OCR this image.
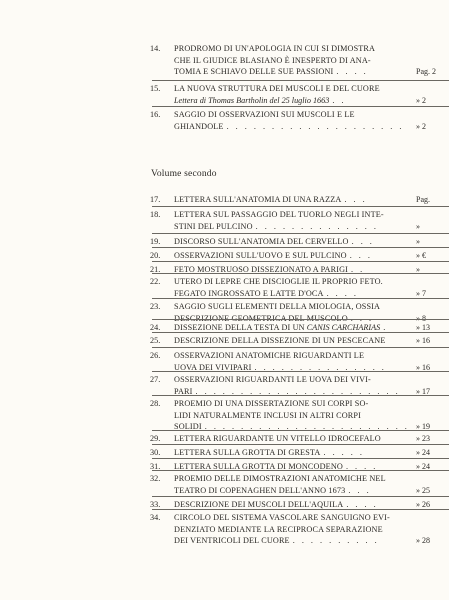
Volume secondo
14.	PRODROMO DI UN'APOLOGIA IN CUI SI DIMOSTRA
CHE IL GIUDICE BLASIANO È INESPERTO DI ANA-
TOMIA E SCHIAVO DELLE SUE PASSIONI . . . .	Pag. 2
15.	LA NUOVA STRUTTURA DEI MUSCOLI E DEL CUORE
Lettera di Thomas Bartholin del 25 luglio 1663 . .	» 2
16.	SAGGIO DI OSSERVAZIONI SUI MUSCOLI E LE
GHIANDOLE . . . . . . . . . . . . . . . . . . . .	» 2
17.	LETTERA SULL'ANATOMIA DI UNA RAZZA . . .	Pag.
18.	LETTERA SUL PASSAGGIO DEL TUORLO NEGLI INTE-
STINI DEL PULCINO . . . . . . . . . . . . . .	»
19.	DISCORSO SULL'ANATOMIA DEL CERVELLO . . .	»
20.	OSSERVAZIONI SULL'UOVO E SUL PULCINO . . .	» €
21.	FETO MOSTRUOSO DISSEZIONATO A PARIGI . .	»
22.	UTERO DI LEPRE CHE DISCIOGLIE IL PROPRIO FETO.
FEGATO INGROSSATO E LATTE D'OCA . . . .	» 7
23.	SAGGIO SUGLI ELEMENTI DELLA MIOLOGIA, OSSIA
DESCRIZIONE GEOMETRICA DEL MUSCOLO . . .	» 8
24.	DISSEZIONE DELLA TESTA DI UN CANIS CARCHARIAS .	» 13
25.	DESCRIZIONE DELLA DISSEZIONE DI UN PESCECANE	» 16
26.	OSSERVAZIONI ANATOMICHE RIGUARDANTI LE
UOVA DEI VIVIPARI . . . . . . . . . . . . . . .	» 16
27.	OSSERVAZIONI RIGUARDANTI LE UOVA DEI VIVI-
PARI . . . . . . . . . . . . . . . . . . . . . . .	» 17
28.	PROEMIO DI UNA DISSERTAZIONE SUI CORPI SO-
LIDI NATURALMENTE INCLUSI IN ALTRI CORPI
SOLIDI . . . . . . . . . . . . . . . . . . . . . . . » 19
29.	LETTERA RIGUARDANTE UN VITELLO IDROCEFALO	» 23
30.	LETTERA SULLA GROTTA DI GRESTA . . . . .	» 24
31.	LETTERA SULLA GROTTA DI MONCODENO . . . .	» 24
32.	PROEMIO DELLE DIMOSTRAZIONI ANATOMICHE NEL
TEATRO DI COPENAGHEN DELL'ANNO 1673 . . .	» 25
33.	DESCRIZIONE DEI MUSCOLI DELL'AQUILA . . . .	» 26
34.	CIRCOLO DEL SISTEMA VASCOLARE SANGUIGNO EVI-
DENZIATO MEDIANTE LA RECIPROCA SEPARAZIONE
DEI VENTRICOLI DEL CUORE . . . . . . . . . .	» 28
